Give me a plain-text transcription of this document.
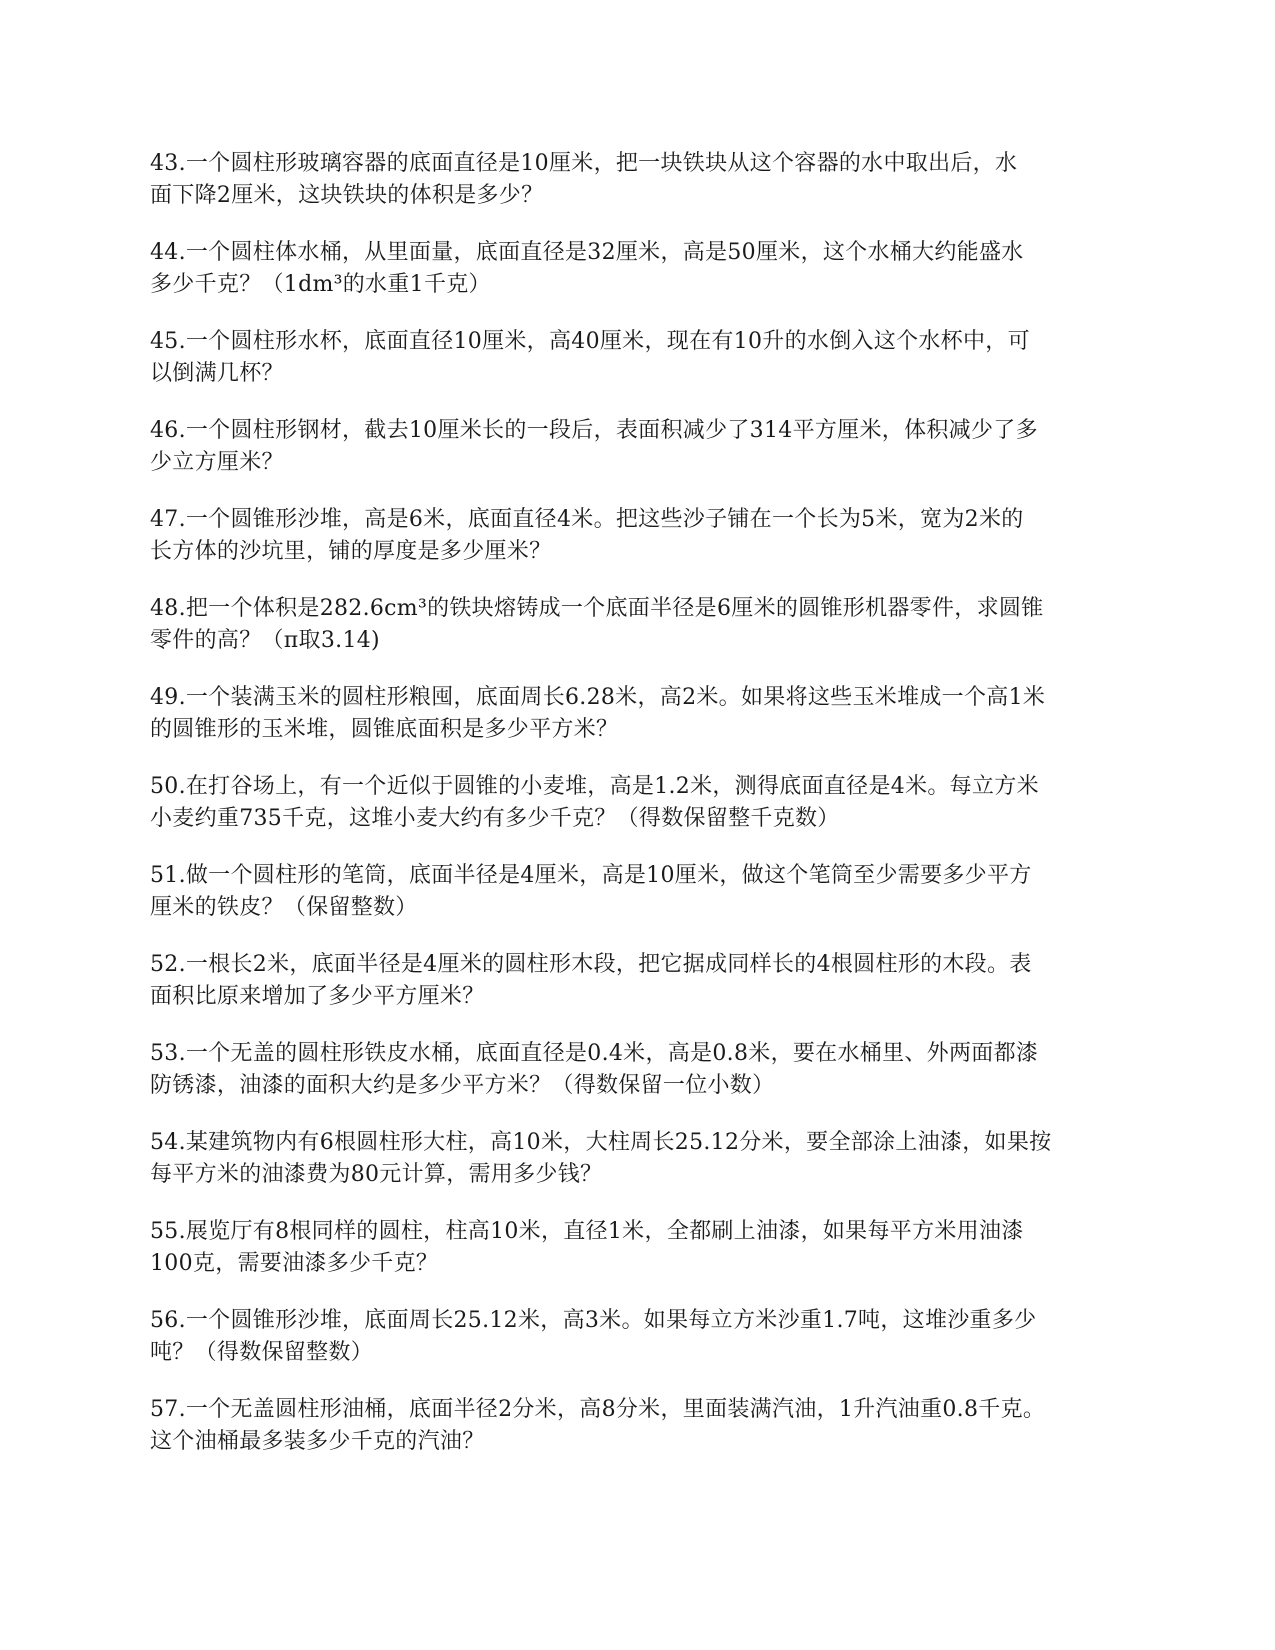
43.一个圆柱形玻璃容器的底面直径是10厘米，把一块铁块从这个容器的水中取出后，水
面下降2厘米，这块铁块的体积是多少？
44.一个圆柱体水桶，从里面量，底面直径是32厘米，高是50厘米，这个水桶大约能盛水
多少千克？（1dm³的水重1千克）
45.一个圆柱形水杯，底面直径10厘米，高40厘米，现在有10升的水倒入这个水杯中，可
以倒满几杯？
46.一个圆柱形钢材，截去10厘米长的一段后，表面积减少了314平方厘米，体积减少了多
少立方厘米？
47.一个圆锥形沙堆，高是6米，底面直径4米。把这些沙子铺在一个长为5米，宽为2米的
长方体的沙坑里，铺的厚度是多少厘米？
48.把一个体积是282.6cm³的铁块熔铸成一个底面半径是6厘米的圆锥形机器零件，求圆锥
零件的高？（π取3.14)
49.一个装满玉米的圆柱形粮囤，底面周长6.28米，高2米。如果将这些玉米堆成一个高1米
的圆锥形的玉米堆，圆锥底面积是多少平方米？
50.在打谷场上，有一个近似于圆锥的小麦堆，高是1.2米，测得底面直径是4米。每立方米
小麦约重735千克，这堆小麦大约有多少千克？（得数保留整千克数）
51.做一个圆柱形的笔筒，底面半径是4厘米，高是10厘米，做这个笔筒至少需要多少平方
厘米的铁皮？（保留整数）
52.一根长2米，底面半径是4厘米的圆柱形木段，把它据成同样长的4根圆柱形的木段。表
面积比原来增加了多少平方厘米？
53.一个无盖的圆柱形铁皮水桶，底面直径是0.4米，高是0.8米，要在水桶里、外两面都漆
防锈漆，油漆的面积大约是多少平方米？（得数保留一位小数）
54.某建筑物内有6根圆柱形大柱，高10米，大柱周长25.12分米，要全部涂上油漆，如果按
每平方米的油漆费为80元计算，需用多少钱？
55.展览厅有8根同样的圆柱，柱高10米，直径1米，全都刷上油漆，如果每平方米用油漆
100克，需要油漆多少千克？
56.一个圆锥形沙堆，底面周长25.12米，高3米。如果每立方米沙重1.7吨，这堆沙重多少
吨？（得数保留整数）
57.一个无盖圆柱形油桶，底面半径2分米，高8分米，里面装满汽油，1升汽油重0.8千克。
这个油桶最多装多少千克的汽油？
